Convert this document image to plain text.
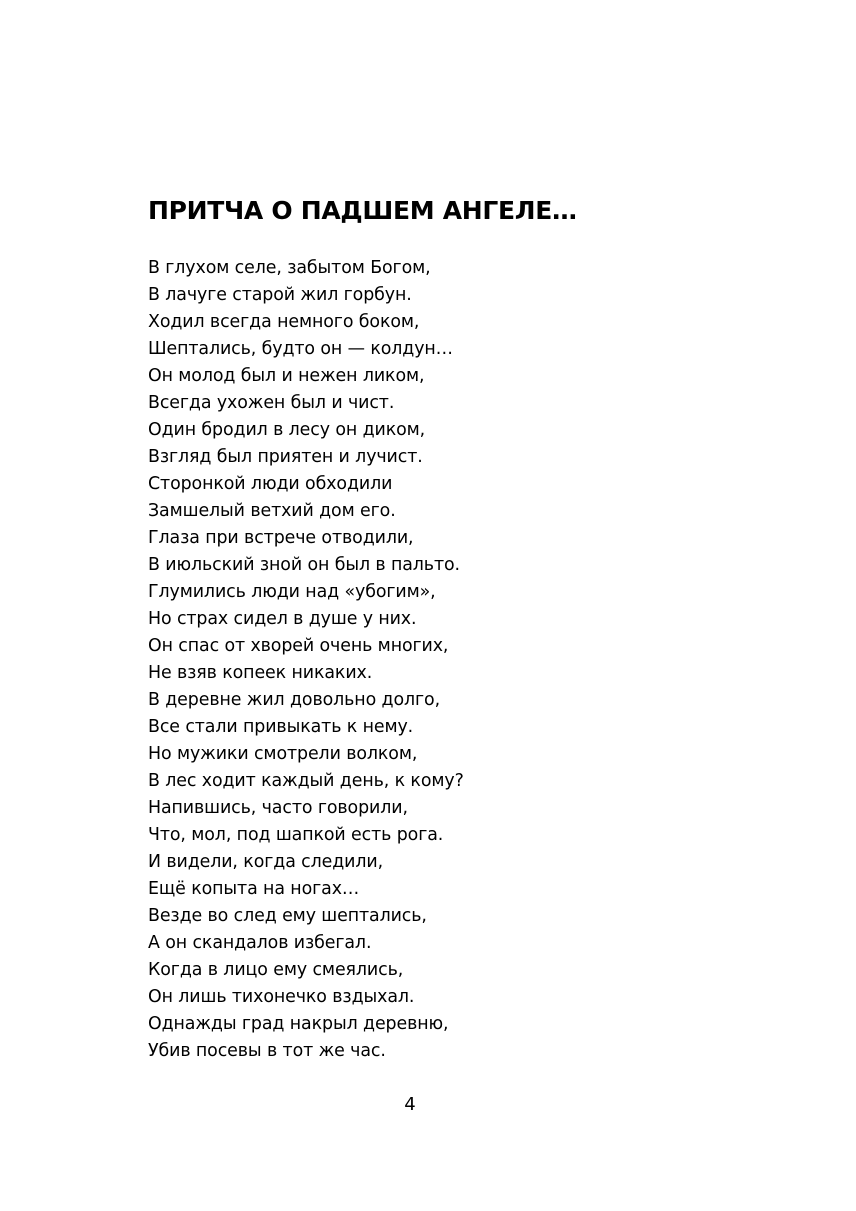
ПРИТЧА О ПАДШЕМ АНГЕЛЕ…
В глухом селе, забытом Богом,
В лачуге старой жил горбун.
Ходил всегда немного боком,
Шептались, будто он — колдун…
Он молод был и нежен ликом,
Всегда ухожен был и чист.
Один бродил в лесу он диком,
Взгляд был приятен и лучист.
Сторонкой люди обходили
Замшелый ветхий дом его.
Глаза при встрече отводили,
В июльский зной он был в пальто.
Глумились люди над «убогим»,
Но страх сидел в душе у них.
Он спас от хворей очень многих,
Не взяв копеек никаких.
В деревне жил довольно долго,
Все стали привыкать к нему.
Но мужики смотрели волком,
В лес ходит каждый день, к кому?
Напившись, часто говорили,
Что, мол, под шапкой есть рога.
И видели, когда следили,
Ещё копыта на ногах…
Везде во след ему шептались,
А он скандалов избегал.
Когда в лицо ему смеялись,
Он лишь тихонечко вздыхал.
Однажды град накрыл деревню,
Убив посевы в тот же час.
4
